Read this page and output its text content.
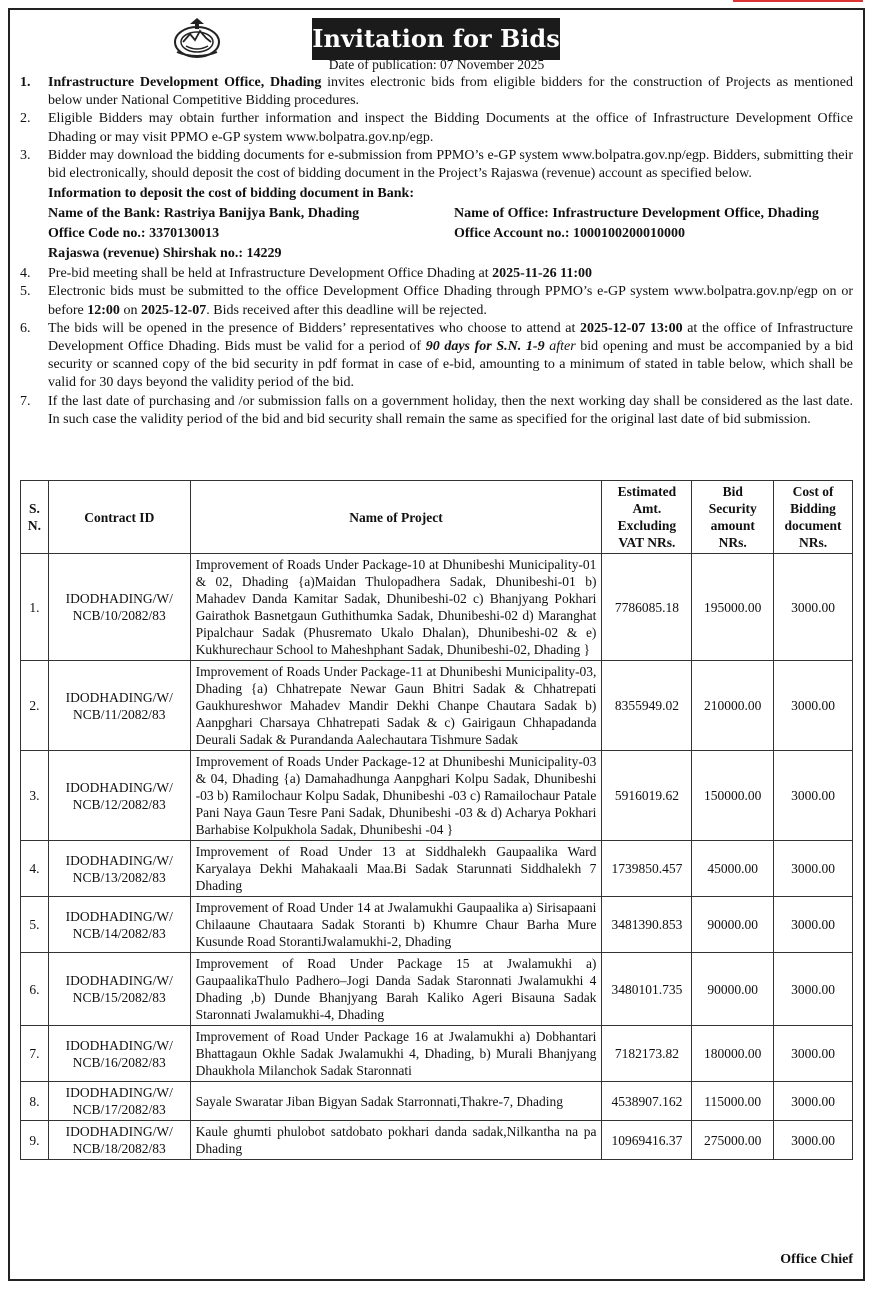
Invitation for Bids
Date of publication: 07 November 2025
1.	Infrastructure Development Office, Dhading invites electronic bids from eligible bidders for the construction of Projects as mentioned below under National Competitive Bidding procedures.
2.	Eligible Bidders may obtain further information and inspect the Bidding Documents at the office of Infrastructure Development Office Dhading or may visit PPMO e-GP system www.bolpatra.gov.np/egp.
3.	Bidder may download the bidding documents for e-submission from PPMO’s e-GP system www.bolpatra.gov.np/egp. Bidders, submitting their bid electronically, should deposit the cost of bidding document in the Project’s Rajaswa (revenue) account as specified below.
Information to deposit the cost of bidding document in Bank:
Name of the Bank: Rastriya Banijya Bank, Dhading	Name of Office: Infrastructure Development Office, Dhading
Office Code no.: 3370130013	Office Account no.: 1000100200010000
Rajaswa (revenue) Shirshak no.: 14229
4.	Pre-bid meeting shall be held at Infrastructure Development Office Dhading at 2025-11-26 11:00
5.	Electronic bids must be submitted to the office Development Office Dhading through PPMO’s e-GP system www.bolpatra.gov.np/egp on or before 12:00 on 2025-12-07. Bids received after this deadline will be rejected.
6.	The bids will be opened in the presence of Bidders’ representatives who choose to attend at 2025-12-07 13:00 at the office of Infrastructure Development Office Dhading. Bids must be valid for a period of 90 days for S.N. 1-9 after bid opening and must be accompanied by a bid security or scanned copy of the bid security in pdf format in case of e-bid, amounting to a minimum of stated in table below, which shall be valid for 30 days beyond the validity period of the bid.
7.	If the last date of purchasing and /or submission falls on a government holiday, then the next working day shall be considered as the last date. In such case the validity period of the bid and bid security shall remain the same as specified for the original last date of bid submission.
S. N.	Contract ID	Name of Project	Estimated Amt. Excluding VAT NRs.	Bid Security amount NRs.	Cost of Bidding document NRs.
1.	IDODHADING/W/ NCB/10/2082/83	Improvement of Roads Under Package-10 at Dhunibeshi Municipality-01 & 02, Dhading {a)Maidan Thulopadhera Sadak, Dhunibeshi-01 b) Mahadev Danda Kamitar Sadak, Dhunibeshi-02 c) Bhanjyang Pokhari Gairathok Basnetgaun Guthithumka Sadak, Dhunibeshi-02 d) Maranghat Pipalchaur Sadak (Phusremato Ukalo Dhalan), Dhunibeshi-02 & e) Kukhurechaur School to Maheshphant Sadak, Dhunibeshi-02, Dhading }	7786085.18	195000.00	3000.00
2.	IDODHADING/W/ NCB/11/2082/83	Improvement of Roads Under Package-11 at Dhunibeshi Municipality-03, Dhading {a) Chhatrepate Newar Gaun Bhitri Sadak & Chhatrepati Gaukhureshwor Mahadev Mandir Dekhi Chanpe Chautara Sadak b) Aanpghari Charsaya Chhatrepati Sadak & c) Gairigaun Chhapadanda Deurali Sadak & Purandanda Aalechautara Tishmure Sadak	8355949.02	210000.00	3000.00
3.	IDODHADING/W/ NCB/12/2082/83	Improvement of Roads Under Package-12 at Dhunibeshi Municipality-03 & 04, Dhading {a) Damahadhunga Aanpghari Kolpu Sadak, Dhunibeshi -03 b) Ramilochaur Kolpu Sadak, Dhunibeshi -03 c) Ramailochaur Patale Pani Naya Gaun Tesre Pani Sadak, Dhunibeshi -03 & d) Acharya Pokhari Barhabise Kolpukhola Sadak, Dhunibeshi -04 }	5916019.62	150000.00	3000.00
4.	IDODHADING/W/ NCB/13/2082/83	Improvement of Road Under 13 at Siddhalekh Gaupaalika Ward Karyalaya Dekhi Mahakaali Maa.Bi Sadak Starunnati Siddhalekh 7 Dhading	1739850.457	45000.00	3000.00
5.	IDODHADING/W/ NCB/14/2082/83	Improvement of Road Under 14 at Jwalamukhi Gaupaalika a) Sirisapaani Chilaaune Chautaara Sadak Storanti b) Khumre Chaur Barha Mure Kusunde Road StorantiJwalamukhi-2, Dhading	3481390.853	90000.00	3000.00
6.	IDODHADING/W/ NCB/15/2082/83	Improvement of Road Under Package 15 at Jwalamukhi a) GaupaalikaThulo Padhero–Jogi Danda Sadak Staronnati Jwalamukhi 4 Dhading ,b) Dunde Bhanjyang Barah Kaliko Ageri Bisauna Sadak Staronnati Jwalamukhi-4, Dhading	3480101.735	90000.00	3000.00
7.	IDODHADING/W/ NCB/16/2082/83	Improvement of Road Under Package 16 at Jwalamukhi a) Dobhantari Bhattagaun Okhle Sadak Jwalamukhi 4, Dhading, b) Murali Bhanjyang Dhaukhola Milanchok Sadak Staronnati	7182173.82	180000.00	3000.00
8.	IDODHADING/W/ NCB/17/2082/83	Sayale Swaratar Jiban Bigyan Sadak Starronnati,Thakre-7, Dhading	4538907.162	115000.00	3000.00
9.	IDODHADING/W/ NCB/18/2082/83	Kaule ghumti phulobot satdobato pokhari danda sadak,Nilkantha na pa Dhading	10969416.37	275000.00	3000.00
Office Chief
